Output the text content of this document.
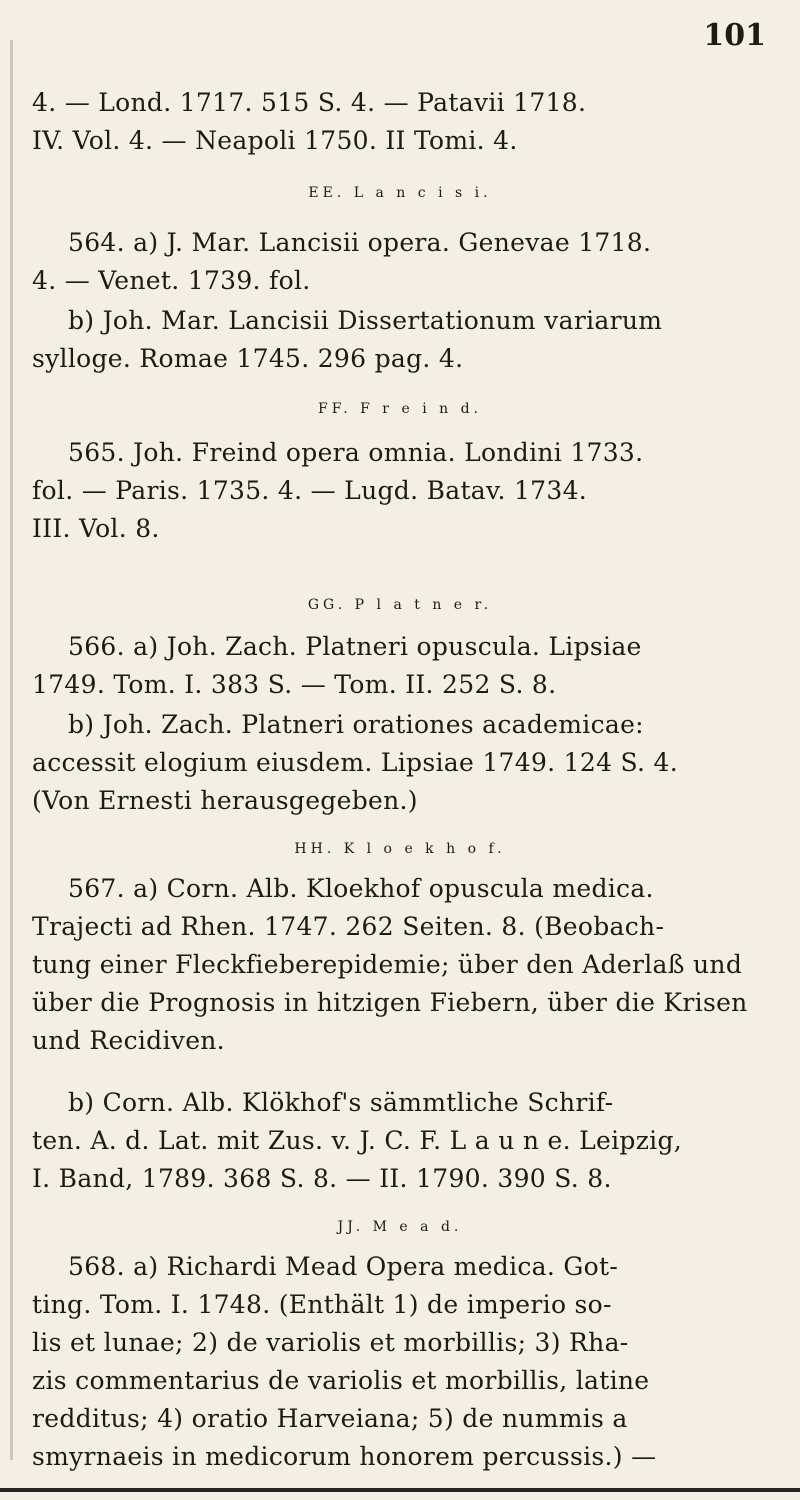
101
4. — Lond. 1717. 515 S. 4. — Patavii 1718.
IV. Vol. 4. — Neapoli 1750. II Tomi. 4.
EE. L a n c i s i.
564. a) J. Mar. Lancisii opera. Genevae 1718.
4. — Venet. 1739. fol.
b) Joh. Mar. Lancisii Dissertationum variarum
sylloge. Romae 1745. 296 pag. 4.
FF. F r e i n d.
565. Joh. Freind opera omnia. Londini 1733.
fol. — Paris. 1735. 4. — Lugd. Batav. 1734.
III. Vol. 8.
GG. P l a t n e r.
566. a) Joh. Zach. Platneri opuscula. Lipsiae
1749. Tom. I. 383 S. — Tom. II. 252 S. 8.
b) Joh. Zach. Platneri orationes academicae:
accessit elogium eiusdem. Lipsiae 1749. 124 S. 4.
(Von Ernesti herausgegeben.)
HH. K l o e k h o f.
567. a) Corn. Alb. Kloekhof opuscula medica.
Trajecti ad Rhen. 1747. 262 Seiten. 8. (Beobach-
tung einer Fleckfieberepidemie; über den Aderlaß und
über die Prognosis in hitzigen Fiebern, über die Krisen
und Recidiven.
b) Corn. Alb. Klökhof's sämmtliche Schrif-
ten. A. d. Lat. mit Zus. v. J. C. F. L a u n e. Leipzig,
I. Band, 1789. 368 S. 8. — II. 1790. 390 S. 8.
JJ. M e a d.
568. a) Richardi Mead Opera medica. Got-
ting. Tom. I. 1748. (Enthält 1) de imperio so-
lis et lunae; 2) de variolis et morbillis; 3) Rha-
zis commentarius de variolis et morbillis, latine
redditus; 4) oratio Harveiana; 5) de nummis a
smyrnaeis in medicorum honorem percussis.) —
